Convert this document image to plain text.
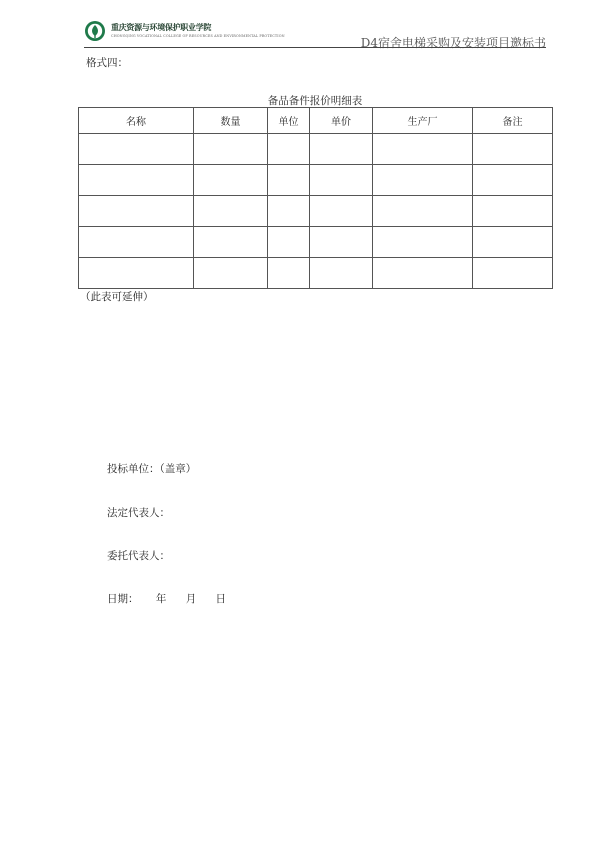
重庆资源与环境保护职业学院
CHONGQING VOCATIONAL COLLEGE OF RESOURCES AND ENVIRONMENTAL PROTECTION	D4宿舍电梯采购及安装项目邀标书
格式四：
备品备件报价明细表
名称	数量	单位	单价	生产厂	备注

（此表可延伸）
投标单位：（盖章）
法定代表人：
委托代表人：
日期： 年 月 日
